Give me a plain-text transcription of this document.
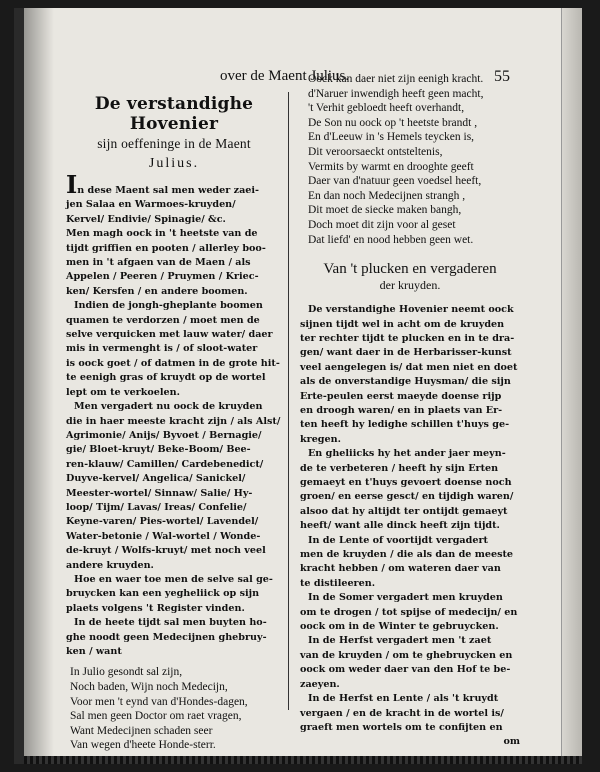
over de Maent Julius.	55
De verstandighe Hovenier
sijn oeffeninge in de Maent
Julius.
In dese Maent sal men weder zaei-
jen Salaa en Warmoes-kruyden/
Kervel/ Endivie/ Spinagie/ &c.
Men magh oock in 't heetste van de
tijdt griffien en pooten / allerley boo-
men in 't afgaen van de Maen / als
Appelen / Peeren / Pruymen / Kriec-
ken/ Kersfen / en andere boomen.
Indien de jongh-gheplante boomen
quamen te verdorzen / moet men de
selve verquicken met lauw water/ daer
mis in vermenght is / of sloot-water
is oock goet / of datmen in de grote hit-
te eenigh gras of kruydt op de wortel
lept om te verkoelen.
Men vergadert nu oock de kruyden
die in haer meeste kracht zijn / als Alst/
Agrimonie/ Anijs/ Byvoet / Bernagie/
gie/ Bloet-kruyt/ Beke-Boom/ Bee-
ren-klauw/ Camillen/ Cardebenedict/
Duyve-kervel/ Angelica/ Sanickel/
Meester-wortel/ Sinnaw/ Salie/ Hy-
loop/ Tijm/ Lavas/ Ireas/ Confelie/
Keyne-varen/ Pies-wortel/ Lavendel/
Water-betonie / Wal-wortel / Wonde-
de-kruyt / Wolfs-kruyt/ met noch veel
andere kruyden.
Hoe en waer toe men de selve sal ge-
bruycken kan een yegheliick op sijn
plaets volgens 't Register vinden.
In de heete tijdt sal men buyten ho-
ghe noodt geen Medecijnen ghebruy-
ken / want
In Julio gesondt sal zijn,
Noch baden, Wijn noch Medecijn,
Voor men 't eynd van d'Hondes-dagen,
Sal men geen Doctor om raet vragen,
Want Medecijnen schaden seer
Van wegen d'heete Honde-sterr.
Oock kan daer niet zijn eenigh kracht.
d'Naruer inwendigh heeft geen macht,
't Verhit gebloedt heeft overhandt,
De Son nu oock op 't heetste brandt ,
En d'Leeuw in 's Hemels teycken is,
Dit veroorsaeckt ontsteltenis,
Vermits by warmt en drooghte geeft
Daer van d'natuur geen voedsel heeft,
En dan noch Medecijnen strangh ,
Dit moet de siecke maken bangh,
Doch moet dit zijn voor al geset
Dat liefd' en nood hebben geen wet.
Van 't plucken en vergaderen
der kruyden.
De verstandighe Hovenier neemt oock
sijnen tijdt wel in acht om de kruyden
ter rechter tijdt te plucken en in te dra-
gen/ want daer in de Herbarisser-kunst
veel aengelegen is/ dat men niet en doet
als de onverstandige Huysman/ die sijn
Erte-peulen eerst maeyde doense rijp
en droogh waren/ en in plaets van Er-
ten heeft hy ledighe schillen t'huys ge-
kregen.
En gheliicks hy het ander jaer meyn-
de te verbeteren / heeft hy sijn Erten
gemaeyt en t'huys gevoert doense noch
groen/ en eerse gesct/ en tijdigh waren/
alsoo dat hy altijdt ter ontijdt gemaeyt
heeft/ want alle dinck heeft zijn tijdt.
In de Lente of voortijdt vergadert
men de kruyden / die als dan de meeste
kracht hebben / om wateren daer van
te distileeren.
In de Somer vergadert men kruyden
om te drogen / tot spijse of medecijn/ en
oock om in de Winter te gebruycken.
In de Herfst vergadert men 't zaet
van de kruyden / om te ghebruycken en
oock om weder daer van den Hof te be-
zaeyen.
In de Herfst en Lente / als 't kruydt
vergaen / en de kracht in de wortel is/
graeft men wortels om te confijten en
om
